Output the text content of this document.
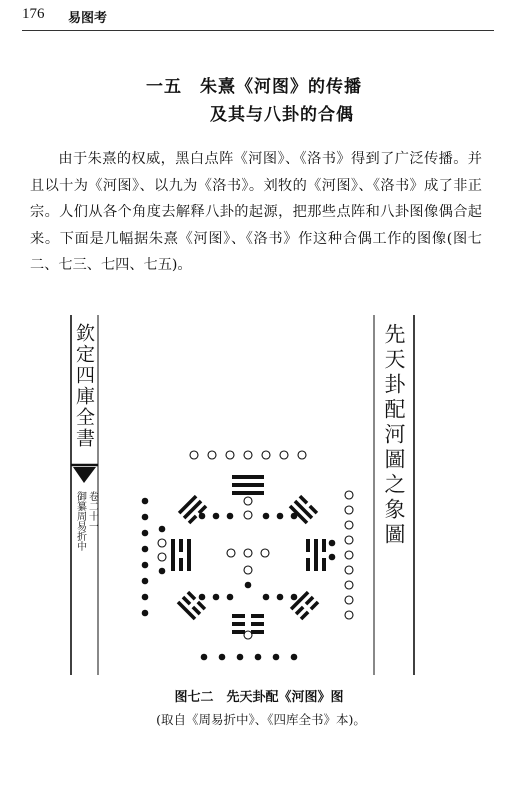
176 易图考
一五　朱熹《河图》的传播
及其与八卦的合偶

由于朱熹的权威，黑白点阵《河图》、《洛书》得到了广泛传播。并且以十为《河图》、以九为《洛书》。刘牧的《河图》、《洛书》成了非正宗。人们从各个角度去解释八卦的起源，把那些点阵和八卦图像偶合起来。下面是几幅据朱熹《河图》、《洛书》作这种合偶工作的图像(图七二、七三、七四、七五)。

欽定四庫全書
御纂周易折中 卷二十一	先天卦配河圖之象圖
图七二　先天卦配《河图》图
(取自《周易折中》、《四库全书》本)。
